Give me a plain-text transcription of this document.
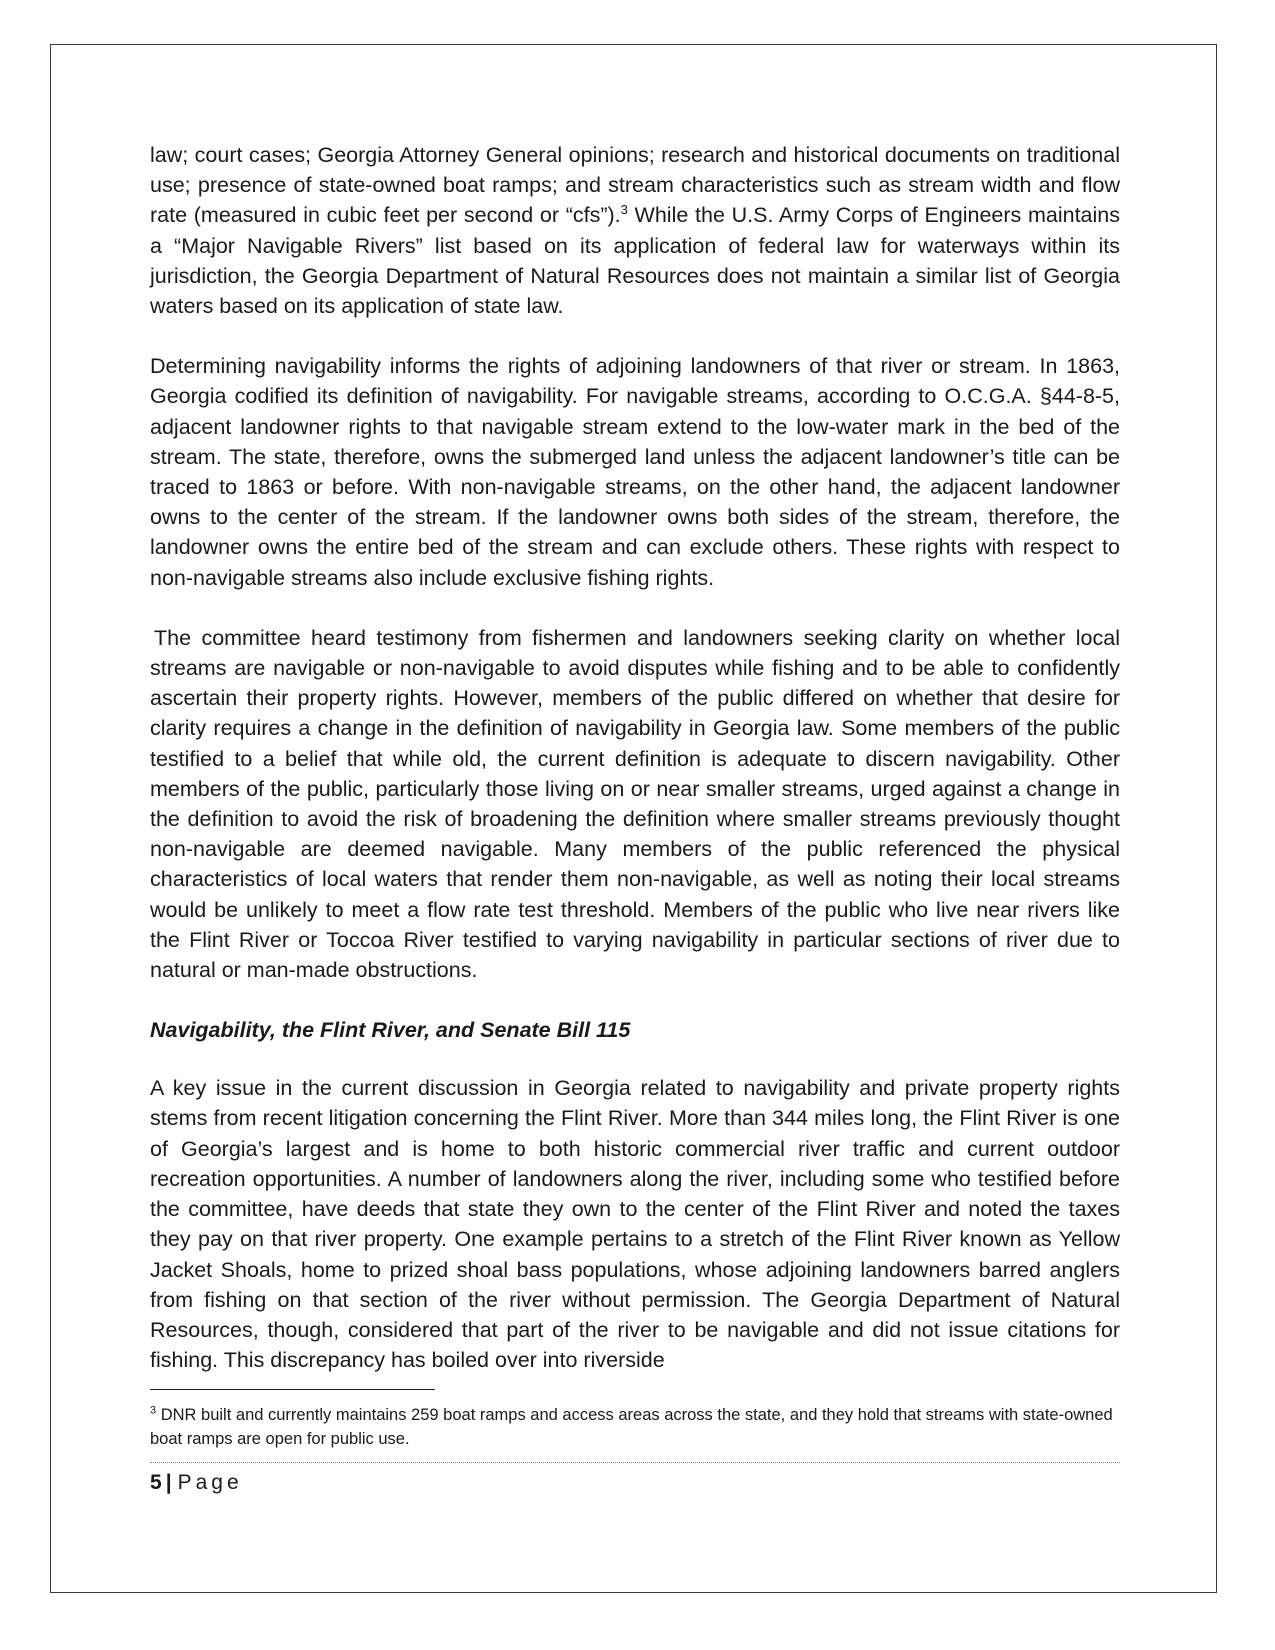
law; court cases; Georgia Attorney General opinions; research and historical documents on traditional use; presence of state-owned boat ramps; and stream characteristics such as stream width and flow rate (measured in cubic feet per second or “cfs”).$^3$ While the U.S. Army Corps of Engineers maintains a “Major Navigable Rivers” list based on its application of federal law for waterways within its jurisdiction, the Georgia Department of Natural Resources does not maintain a similar list of Georgia waters based on its application of state law.

Determining navigability informs the rights of adjoining landowners of that river or stream. In 1863, Georgia codified its definition of navigability. For navigable streams, according to O.C.G.A. §44-8-5, adjacent landowner rights to that navigable stream extend to the low-water mark in the bed of the stream. The state, therefore, owns the submerged land unless the adjacent landowner’s title can be traced to 1863 or before. With non-navigable streams, on the other hand, the adjacent landowner owns to the center of the stream. If the landowner owns both sides of the stream, therefore, the landowner owns the entire bed of the stream and can exclude others. These rights with respect to non-navigable streams also include exclusive fishing rights.

The committee heard testimony from fishermen and landowners seeking clarity on whether local streams are navigable or non-navigable to avoid disputes while fishing and to be able to confidently ascertain their property rights. However, members of the public differed on whether that desire for clarity requires a change in the definition of navigability in Georgia law. Some members of the public testified to a belief that while old, the current definition is adequate to discern navigability. Other members of the public, particularly those living on or near smaller streams, urged against a change in the definition to avoid the risk of broadening the definition where smaller streams previously thought non-navigable are deemed navigable. Many members of the public referenced the physical characteristics of local waters that render them non-navigable, as well as noting their local streams would be unlikely to meet a flow rate test threshold. Members of the public who live near rivers like the Flint River or Toccoa River testified to varying navigability in particular sections of river due to natural or man-made obstructions.

Navigability, the Flint River, and Senate Bill 115

A key issue in the current discussion in Georgia related to navigability and private property rights stems from recent litigation concerning the Flint River. More than 344 miles long, the Flint River is one of Georgia’s largest and is home to both historic commercial river traffic and current outdoor recreation opportunities. A number of landowners along the river, including some who testified before the committee, have deeds that state they own to the center of the Flint River and noted the taxes they pay on that river property. One example pertains to a stretch of the Flint River known as Yellow Jacket Shoals, home to prized shoal bass populations, whose adjoining landowners barred anglers from fishing on that section of the river without permission. The Georgia Department of Natural Resources, though, considered that part of the river to be navigable and did not issue citations for fishing. This discrepancy has boiled over into riverside

$^3$ DNR built and currently maintains 259 boat ramps and access areas across the state, and they hold that streams with state-owned boat ramps are open for public use.
5 | Page
